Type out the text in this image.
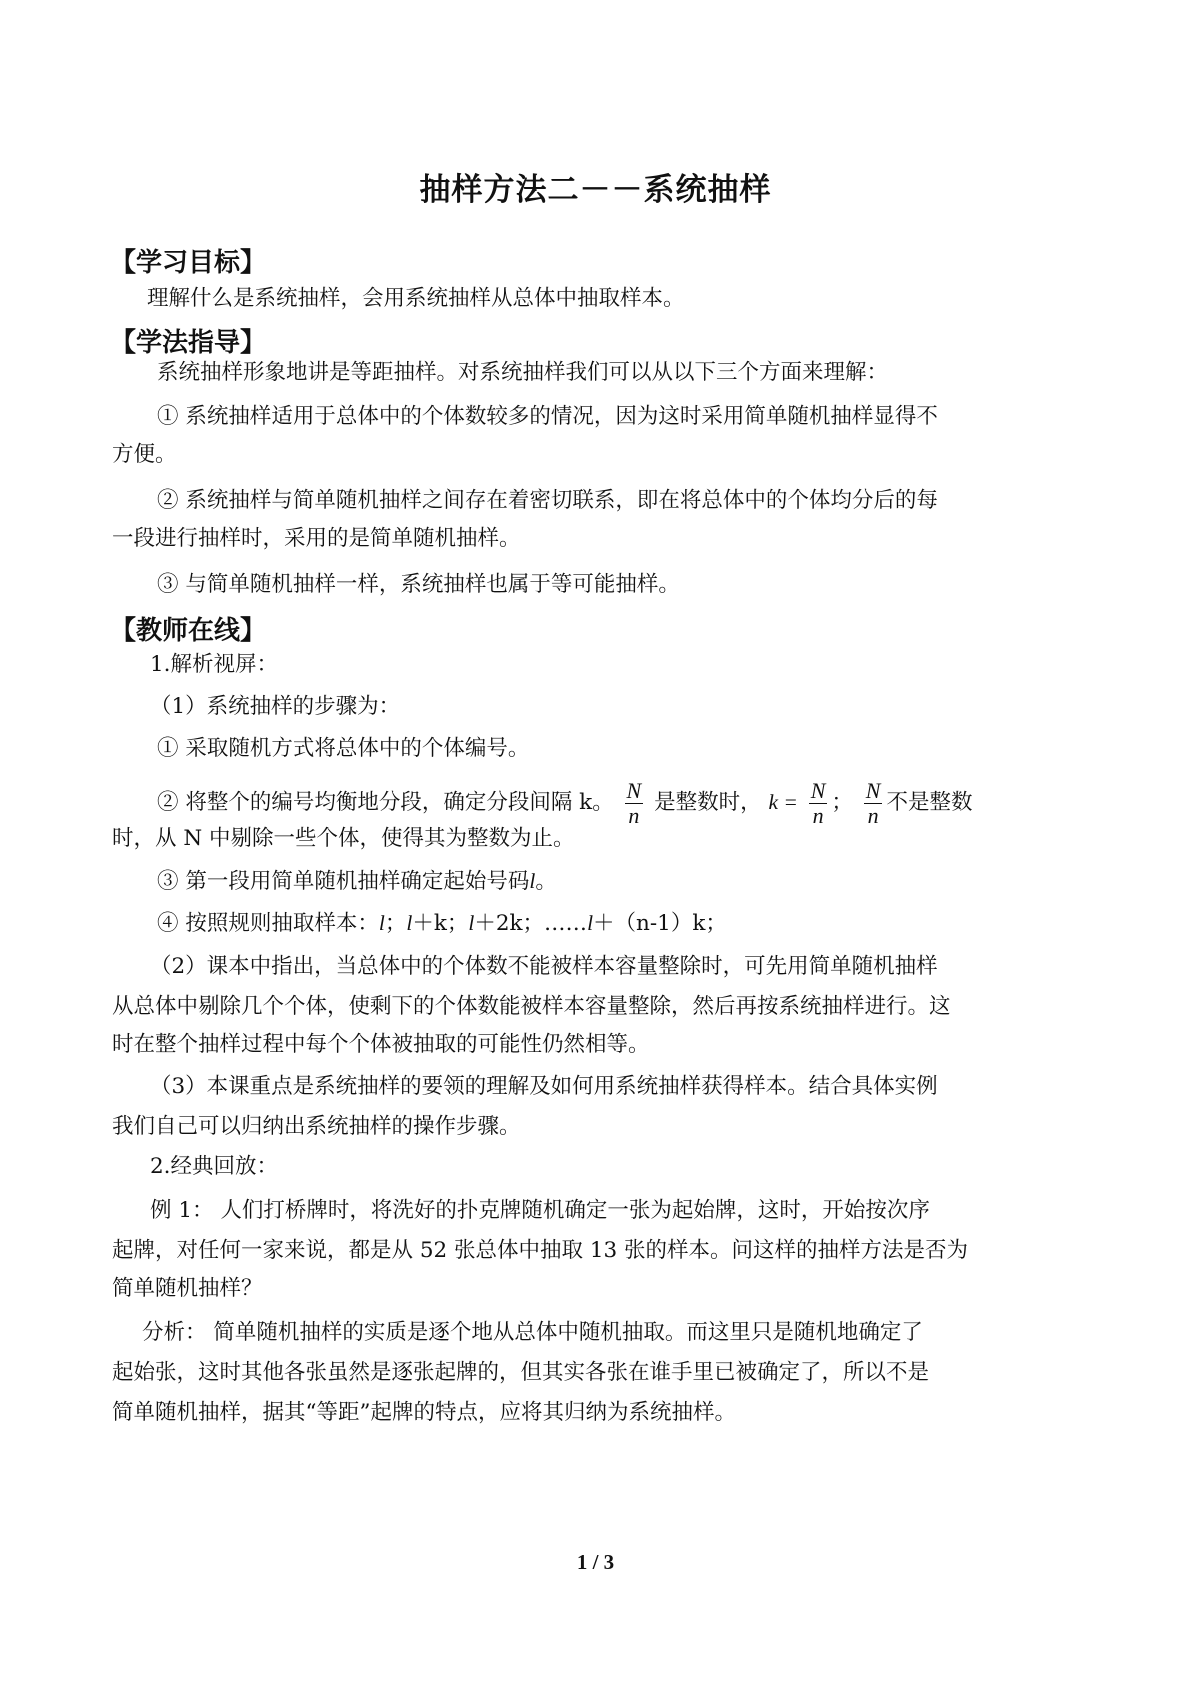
抽样方法二－－系统抽样
【学习目标】
理解什么是系统抽样，会用系统抽样从总体中抽取样本。
【学法指导】
系统抽样形象地讲是等距抽样。对系统抽样我们可以从以下三个方面来理解：
① 系统抽样适用于总体中的个体数较多的情况，因为这时采用简单随机抽样显得不
方便。
② 系统抽样与简单随机抽样之间存在着密切联系，即在将总体中的个体均分后的每
一段进行抽样时，采用的是简单随机抽样。
③ 与简单随机抽样一样，系统抽样也属于等可能抽样。
【教师在线】
1.解析视屏：
（1）系统抽样的步骤为：
① 采取随机方式将总体中的个体编号。
② 将整个的编号均衡地分段，确定分段间隔 k。 $\frac{N}{n}$ 是整数时， $k = \frac{N}{n}$ ； $\frac{N}{n}$ 不是整数
时，从 N 中剔除一些个体，使得其为整数为止。
③ 第一段用简单随机抽样确定起始号码l。
④ 按照规则抽取样本：l；l＋k；l＋2k；……l＋（n-1）k；
（2）课本中指出，当总体中的个体数不能被样本容量整除时，可先用简单随机抽样
从总体中剔除几个个体，使剩下的个体数能被样本容量整除，然后再按系统抽样进行。这
时在整个抽样过程中每个个体被抽取的可能性仍然相等。
（3）本课重点是系统抽样的要领的理解及如何用系统抽样获得样本。结合具体实例
我们自己可以归纳出系统抽样的操作步骤。
2.经典回放：
例 1： 人们打桥牌时，将洗好的扑克牌随机确定一张为起始牌，这时，开始按次序
起牌，对任何一家来说，都是从 52 张总体中抽取 13 张的样本。问这样的抽样方法是否为
简单随机抽样？
分析： 简单随机抽样的实质是逐个地从总体中随机抽取。而这里只是随机地确定了
起始张，这时其他各张虽然是逐张起牌的，但其实各张在谁手里已被确定了，所以不是
简单随机抽样，据其“等距”起牌的特点，应将其归纳为系统抽样。
1 / 3
